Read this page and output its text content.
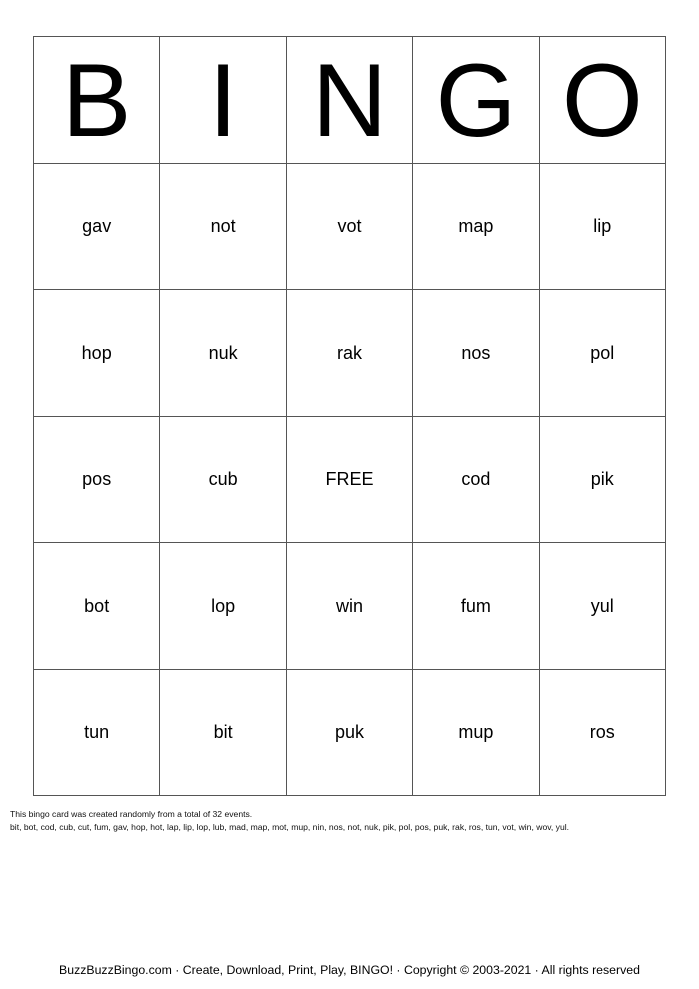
B I N G O
gav	not	vot	map	lip
hop	nuk	rak	nos	pol
pos	cub	FREE	cod	pik
bot	lop	win	fum	yul
tun	bit	puk	mup	ros
This bingo card was created randomly from a total of 32 events.
bit, bot, cod, cub, cut, fum, gav, hop, hot, lap, lip, lop, lub, mad, map, mot, mup, nin, nos, not, nuk, pik, pol, pos, puk, rak, ros, tun, vot, win, wov, yul.
BuzzBuzzBingo.com · Create, Download, Print, Play, BINGO! · Copyright © 2003-2021 · All rights reserved
